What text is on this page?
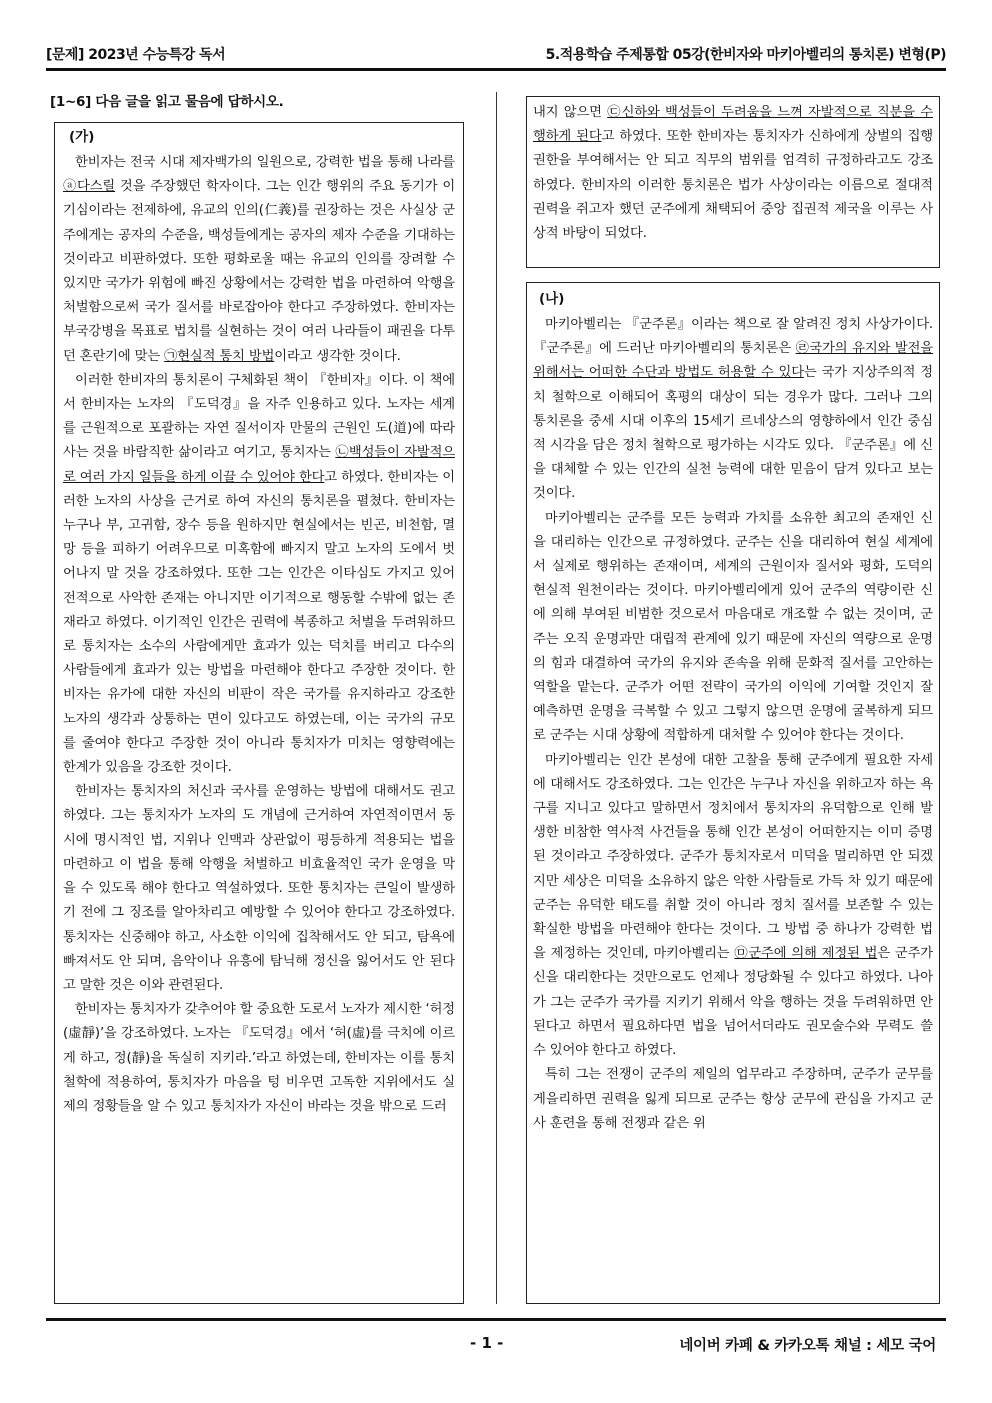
[문제] 2023년 수능특강 독서	5.적용학습 주제통합 05강(한비자와 마키아벨리의 통치론) 변형(P)
[1~6] 다음 글을 읽고 물음에 답하시오.
(가)

한비자는 전국 시대 제자백가의 일원으로, 강력한 법을 통해 나라를 ⓐ다스릴 것을 주장했던 학자이다. 그는 인간 행위의 주요 동기가 이기심이라는 전제하에, 유교의 인의(仁義)를 권장하는 것은 사실상 군주에게는 공자의 수준을, 백성들에게는 공자의 제자 수준을 기대하는 것이라고 비판하였다. 또한 평화로울 때는 유교의 인의를 장려할 수 있지만 국가가 위험에 빠진 상황에서는 강력한 법을 마련하여 악행을 처벌함으로써 국가 질서를 바로잡아야 한다고 주장하였다. 한비자는 부국강병을 목표로 법치를 실현하는 것이 여러 나라들이 패권을 다투던 혼란기에 맞는 ㉠현실적 통치 방법이라고 생각한 것이다.

이러한 한비자의 통치론이 구체화된 책이 『한비자』이다. 이 책에서 한비자는 노자의 『도덕경』을 자주 인용하고 있다. 노자는 세계를 근원적으로 포괄하는 자연 질서이자 만물의 근원인 도(道)에 따라 사는 것을 바람직한 삶이라고 여기고, 통치자는 ㉡백성들이 자발적으로 여러 가지 일들을 하게 이끌 수 있어야 한다고 하였다. 한비자는 이러한 노자의 사상을 근거로 하여 자신의 통치론을 펼쳤다. 한비자는 누구나 부, 고귀함, 장수 등을 원하지만 현실에서는 빈곤, 비천함, 멸망 등을 피하기 어려우므로 미혹함에 빠지지 말고 노자의 도에서 벗어나지 말 것을 강조하였다. 또한 그는 인간은 이타심도 가지고 있어 전적으로 사악한 존재는 아니지만 이기적으로 행동할 수밖에 없는 존재라고 하였다. 이기적인 인간은 권력에 복종하고 처벌을 두려워하므로 통치자는 소수의 사람에게만 효과가 있는 덕치를 버리고 다수의 사람들에게 효과가 있는 방법을 마련해야 한다고 주장한 것이다. 한비자는 유가에 대한 자신의 비판이 작은 국가를 유지하라고 강조한 노자의 생각과 상통하는 면이 있다고도 하였는데, 이는 국가의 규모를 줄여야 한다고 주장한 것이 아니라 통치자가 미치는 영향력에는 한계가 있음을 강조한 것이다.

한비자는 통치자의 처신과 국사를 운영하는 방법에 대해서도 권고하였다. 그는 통치자가 노자의 도 개념에 근거하여 자연적이면서 동시에 명시적인 법, 지위나 인맥과 상관없이 평등하게 적용되는 법을 마련하고 이 법을 통해 악행을 처벌하고 비효율적인 국가 운영을 막을 수 있도록 해야 한다고 역설하였다. 또한 통치자는 큰일이 발생하기 전에 그 징조를 알아차리고 예방할 수 있어야 한다고 강조하였다. 통치자는 신중해야 하고, 사소한 이익에 집착해서도 안 되고, 탐욕에 빠져서도 안 되며, 음악이나 유흥에 탐닉해 정신을 잃어서도 안 된다고 말한 것은 이와 관련된다.

한비자는 통치자가 갖추어야 할 중요한 도로서 노자가 제시한 ‘허정(虛靜)’을 강조하였다. 노자는 『도덕경』에서 ‘허(虛)를 극치에 이르게 하고, 정(靜)을 독실히 지키라.’라고 하였는데, 한비자는 이를 통치 철학에 적용하여, 통치자가 마음을 텅 비우면 고독한 지위에서도 실제의 정황들을 알 수 있고 통치자가 자신이 바라는 것을 밖으로 드러

내지 않으면 ㉢신하와 백성들이 두려움을 느껴 자발적으로 직분을 수행하게 된다고 하였다. 또한 한비자는 통치자가 신하에게 상벌의 집행 권한을 부여해서는 안 되고 직무의 범위를 엄격히 규정하라고도 강조하였다. 한비자의 이러한 통치론은 법가 사상이라는 이름으로 절대적 권력을 쥐고자 했던 군주에게 채택되어 중앙 집권적 제국을 이루는 사상적 바탕이 되었다.

(나)

마키아벨리는 『군주론』이라는 책으로 잘 알려진 정치 사상가이다. 『군주론』에 드러난 마키아벨리의 통치론은 ㉣국가의 유지와 발전을 위해서는 어떠한 수단과 방법도 허용할 수 있다는 국가 지상주의적 정치 철학으로 이해되어 혹평의 대상이 되는 경우가 많다. 그러나 그의 통치론을 중세 시대 이후의 15세기 르네상스의 영향하에서 인간 중심적 시각을 담은 정치 철학으로 평가하는 시각도 있다. 『군주론』에 신을 대체할 수 있는 인간의 실천 능력에 대한 믿음이 담겨 있다고 보는 것이다.

마키아벨리는 군주를 모든 능력과 가치를 소유한 최고의 존재인 신을 대리하는 인간으로 규정하였다. 군주는 신을 대리하여 현실 세계에서 실제로 행위하는 존재이며, 세계의 근원이자 질서와 평화, 도덕의 현실적 원천이라는 것이다. 마키아벨리에게 있어 군주의 역량이란 신에 의해 부여된 비범한 것으로서 마음대로 개조할 수 없는 것이며, 군주는 오직 운명과만 대립적 관계에 있기 때문에 자신의 역량으로 운명의 힘과 대결하여 국가의 유지와 존속을 위해 문화적 질서를 고안하는 역할을 맡는다. 군주가 어떤 전략이 국가의 이익에 기여할 것인지 잘 예측하면 운명을 극복할 수 있고 그렇지 않으면 운명에 굴복하게 되므로 군주는 시대 상황에 적합하게 대처할 수 있어야 한다는 것이다.

마키아벨리는 인간 본성에 대한 고찰을 통해 군주에게 필요한 자세에 대해서도 강조하였다. 그는 인간은 누구나 자신을 위하고자 하는 욕구를 지니고 있다고 말하면서 정치에서 통치자의 유덕함으로 인해 발생한 비참한 역사적 사건들을 통해 인간 본성이 어떠한지는 이미 증명된 것이라고 주장하였다. 군주가 통치자로서 미덕을 멀리하면 안 되겠지만 세상은 미덕을 소유하지 않은 악한 사람들로 가득 차 있기 때문에 군주는 유덕한 태도를 취할 것이 아니라 정치 질서를 보존할 수 있는 확실한 방법을 마련해야 한다는 것이다. 그 방법 중 하나가 강력한 법을 제정하는 것인데, 마키아벨리는 ㉤군주에 의해 제정된 법은 군주가 신을 대리한다는 것만으로도 언제나 정당화될 수 있다고 하였다. 나아가 그는 군주가 국가를 지키기 위해서 악을 행하는 것을 두려워하면 안 된다고 하면서 필요하다면 법을 넘어서더라도 권모술수와 무력도 쓸 수 있어야 한다고 하였다.

특히 그는 전쟁이 군주의 제일의 업무라고 주장하며, 군주가 군무를 게을리하면 권력을 잃게 되므로 군주는 항상 군무에 관심을 가지고 군사 훈련을 통해 전쟁과 같은 위

- 1 -	네이버 카페 & 카카오톡 채널 : 세모 국어
